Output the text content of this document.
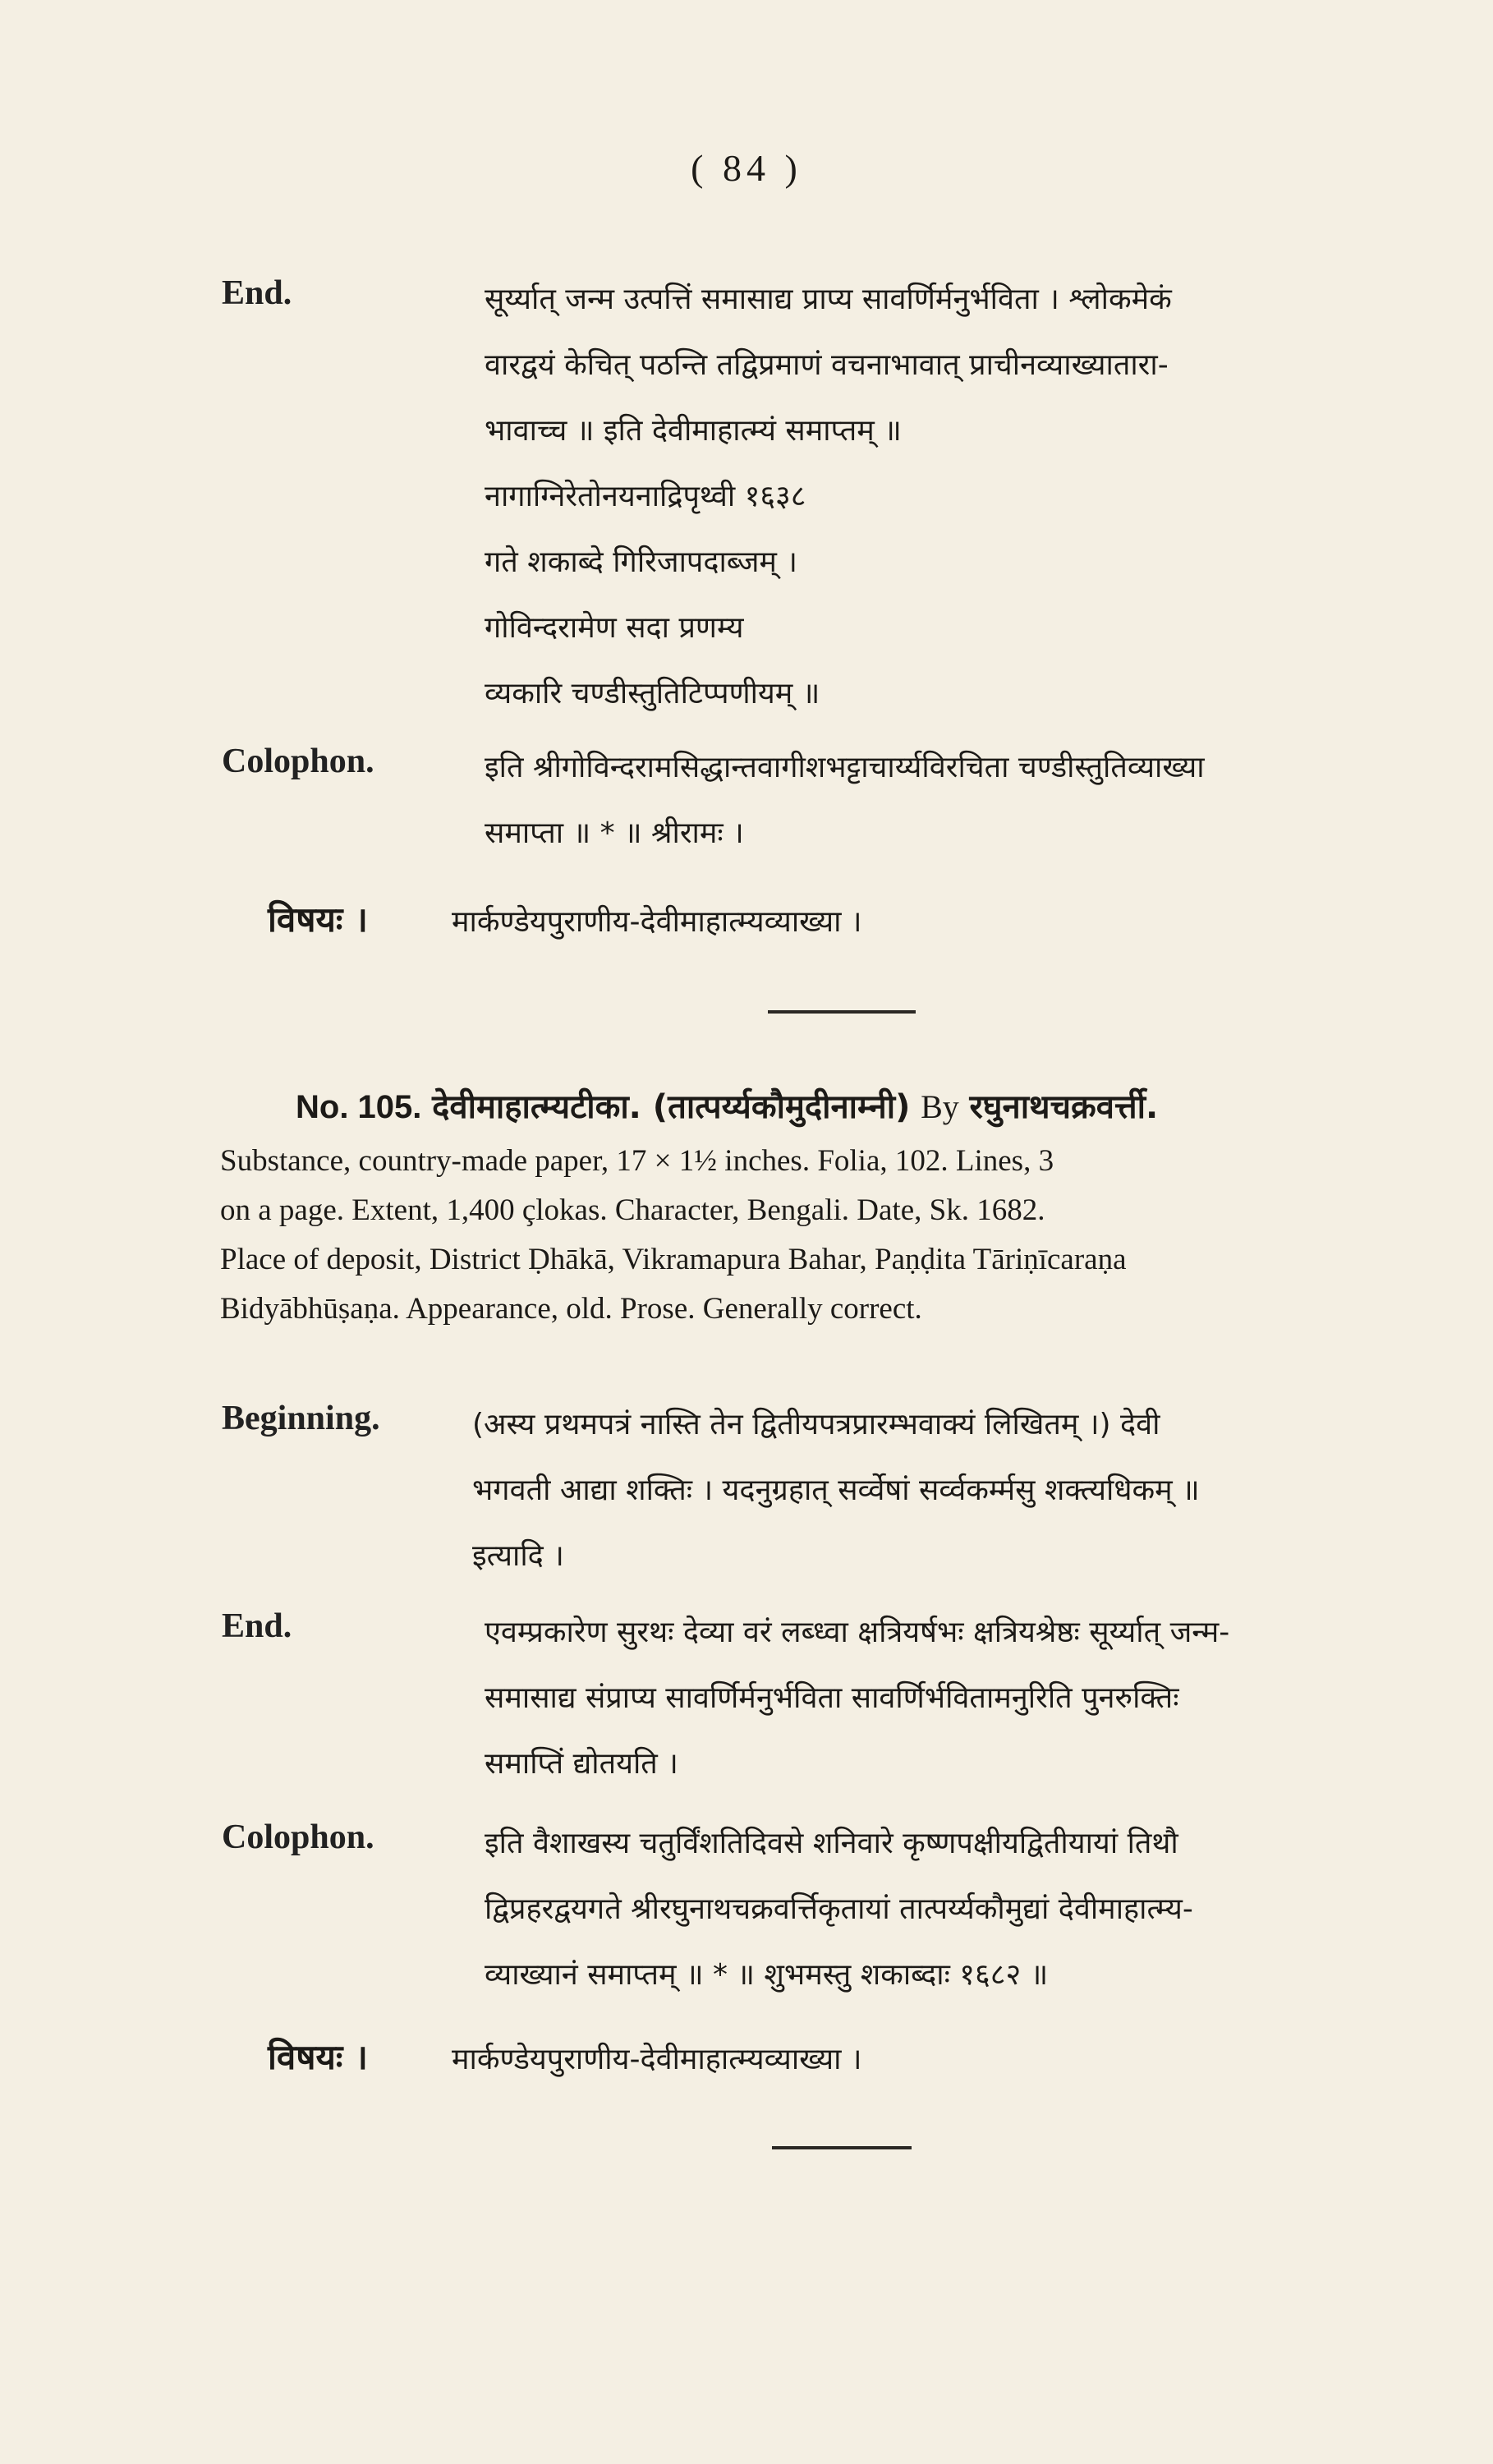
( 84 )
End.	सूर्य्यात् जन्म उत्पत्तिं समासाद्य प्राप्य सावर्णिर्मनुर्भविता । श्लोकमेकं
वारद्वयं केचित् पठन्ति तद्विप्रमाणं वचनाभावात् प्राचीनव्याख्यातारा-
भावाच्च ॥ इति देवीमाहात्म्यं समाप्तम् ॥
नागाग्निरेतोनयनाद्रिपृथ्वी १६३८
गते शकाब्दे गिरिजापदाब्जम् ।
गोविन्दरामेण सदा प्रणम्य
व्यकारि चण्डीस्तुतिटिप्पणीयम् ॥
Colophon.	इति श्रीगोविन्दरामसिद्धान्तवागीशभट्टाचार्य्यविरचिता चण्डीस्तुतिव्याख्या
समाप्ता ॥ * ॥ श्रीरामः ।
विषयः ।	मार्कण्डेयपुराणीय-देवीमाहात्म्यव्याख्या ।
No. 105. देवीमाहात्म्यटीका. (तात्पर्य्यकौमुदीनाम्नी) By रघुनाथचक्रवर्त्ती.
Substance, country-made paper, 17 × 1½ inches. Folia, 102. Lines, 3
on a page. Extent, 1,400 çlokas. Character, Bengali. Date, Sk. 1682.
Place of deposit, District Ḍhākā, Vikramapura Bahar, Paṇḍita Tāriṇīcaraṇa
Bidyābhūṣaṇa. Appearance, old. Prose. Generally correct.
Beginning.	(अस्य प्रथमपत्रं नास्ति तेन द्वितीयपत्रप्रारम्भवाक्यं लिखितम् ।) देवी
भगवती आद्या शक्तिः । यदनुग्रहात् सर्व्वेषां सर्व्वकर्म्मसु शक्त्यधिकम् ॥
इत्यादि ।
End.	एवम्प्रकारेण सुरथः देव्या वरं लब्ध्वा क्षत्रियर्षभः क्षत्रियश्रेष्ठः सूर्य्यात् जन्म-
समासाद्य संप्राप्य सावर्णिर्मनुर्भविता सावर्णिर्भवितामनुरिति पुनरुक्तिः
समाप्तिं द्योतयति ।
Colophon.	इति वैशाखस्य चतुर्विंशतिदिवसे शनिवारे कृष्णपक्षीयद्वितीयायां तिथौ
द्विप्रहरद्वयगते श्रीरघुनाथचक्रवर्त्तिकृतायां तात्पर्य्यकौमुद्यां देवीमाहात्म्य-
व्याख्यानं समाप्तम् ॥ * ॥ शुभमस्तु शकाब्दाः १६८२ ॥
विषयः ।	मार्कण्डेयपुराणीय-देवीमाहात्म्यव्याख्या ।
